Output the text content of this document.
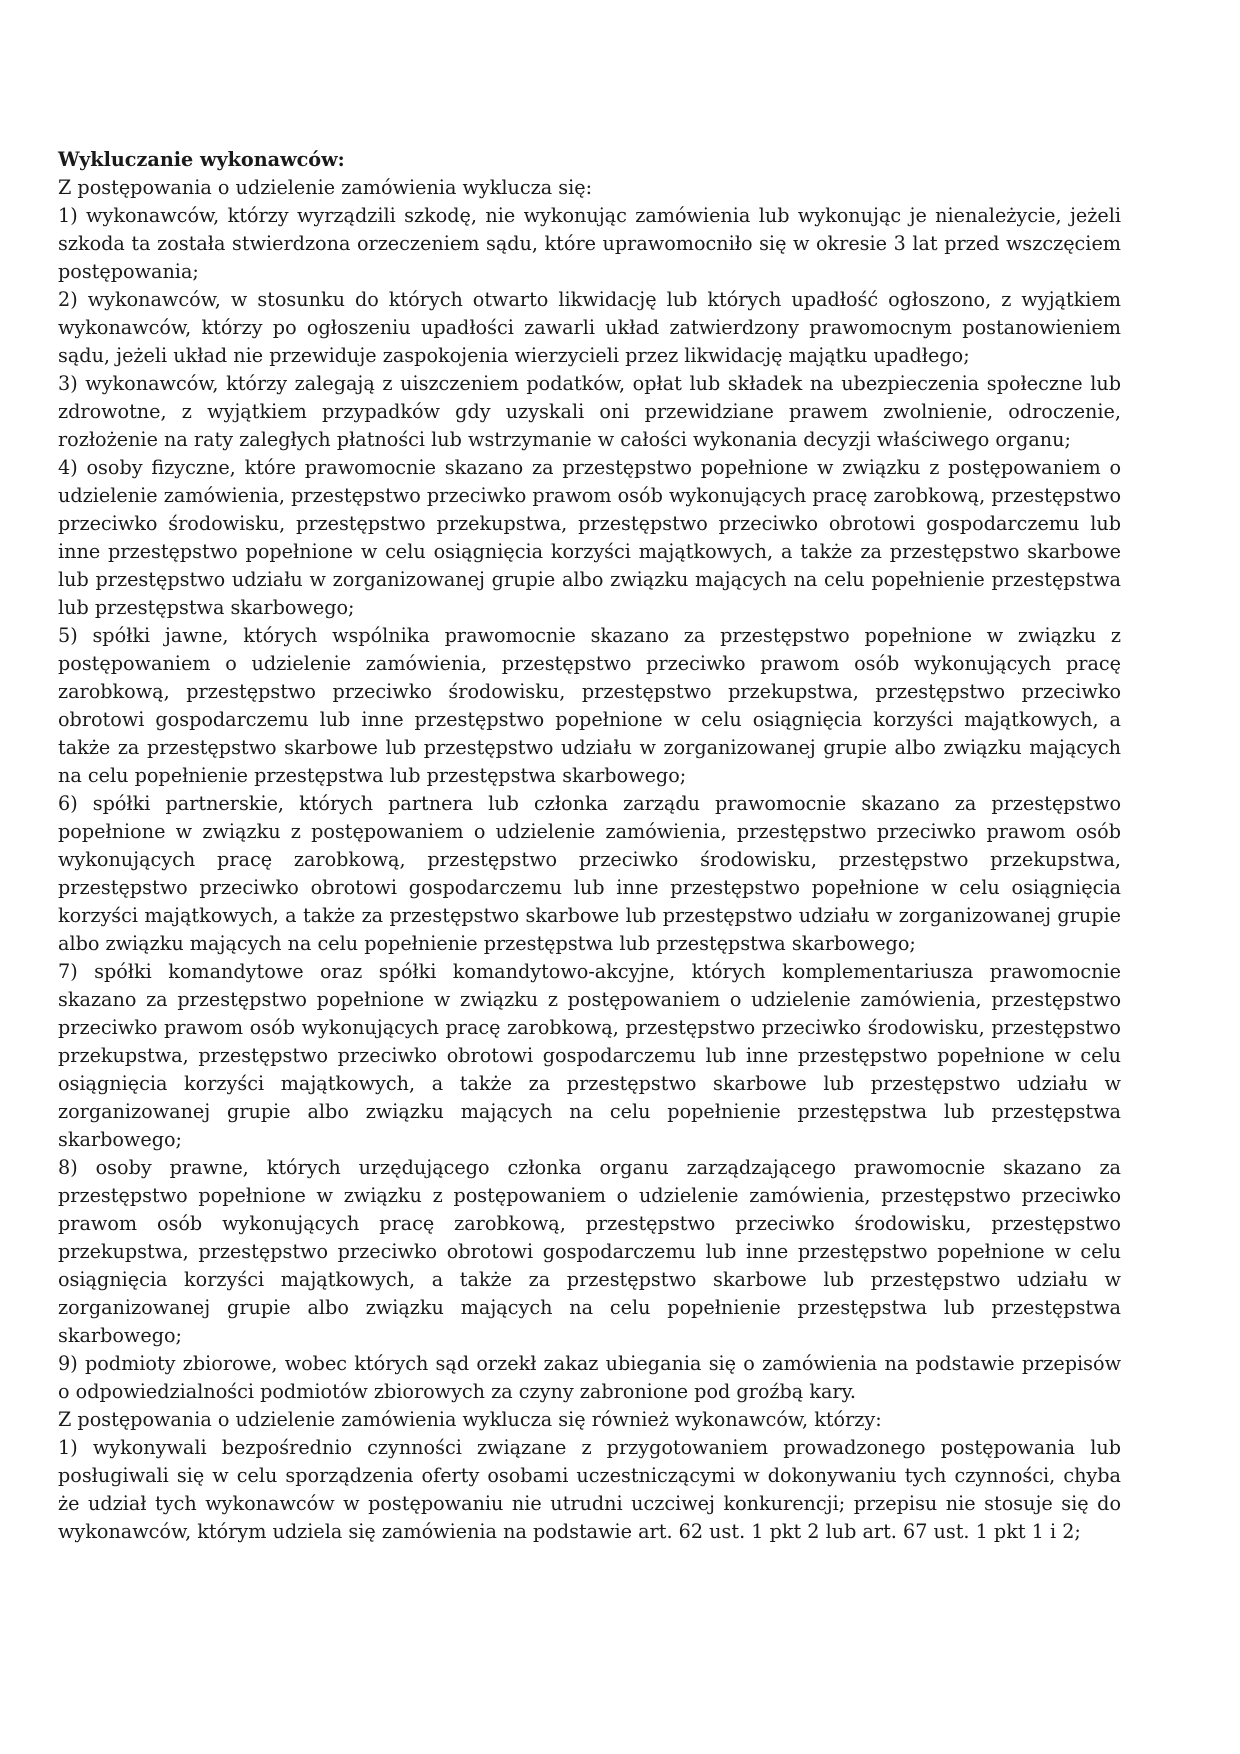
Wykluczanie wykonawców:

Z postępowania o udzielenie zamówienia wyklucza się:

1) wykonawców, którzy wyrządzili szkodę, nie wykonując zamówienia lub wykonując je nienależycie, jeżeli szkoda ta została stwierdzona orzeczeniem sądu, które uprawomocniło się w okresie 3 lat przed wszczęciem postępowania;

2) wykonawców, w stosunku do których otwarto likwidację lub których upadłość ogłoszono, z wyjątkiem wykonawców, którzy po ogłoszeniu upadłości zawarli układ zatwierdzony prawomocnym postanowieniem sądu, jeżeli układ nie przewiduje zaspokojenia wierzycieli przez likwidację majątku upadłego;

3) wykonawców, którzy zalegają z uiszczeniem podatków, opłat lub składek na ubezpieczenia społeczne lub zdrowotne, z wyjątkiem przypadków gdy uzyskali oni przewidziane prawem zwolnienie, odroczenie, rozłożenie na raty zaległych płatności lub wstrzymanie w całości wykonania decyzji właściwego organu;

4) osoby fizyczne, które prawomocnie skazano za przestępstwo popełnione w związku z postępowaniem o udzielenie zamówienia, przestępstwo przeciwko prawom osób wykonujących pracę zarobkową, przestępstwo przeciwko środowisku, przestępstwo przekupstwa, przestępstwo przeciwko obrotowi gospodarczemu lub inne przestępstwo popełnione w celu osiągnięcia korzyści majątkowych, a także za przestępstwo skarbowe lub przestępstwo udziału w zorganizowanej grupie albo związku mających na celu popełnienie przestępstwa lub przestępstwa skarbowego;

5) spółki jawne, których wspólnika prawomocnie skazano za przestępstwo popełnione w związku z postępowaniem o udzielenie zamówienia, przestępstwo przeciwko prawom osób wykonujących pracę zarobkową, przestępstwo przeciwko środowisku, przestępstwo przekupstwa, przestępstwo przeciwko obrotowi gospodarczemu lub inne przestępstwo popełnione w celu osiągnięcia korzyści majątkowych, a także za przestępstwo skarbowe lub przestępstwo udziału w zorganizowanej grupie albo związku mających na celu popełnienie przestępstwa lub przestępstwa skarbowego;

6) spółki partnerskie, których partnera lub członka zarządu prawomocnie skazano za przestępstwo popełnione w związku z postępowaniem o udzielenie zamówienia, przestępstwo przeciwko prawom osób wykonujących pracę zarobkową, przestępstwo przeciwko środowisku, przestępstwo przekupstwa, przestępstwo przeciwko obrotowi gospodarczemu lub inne przestępstwo popełnione w celu osiągnięcia korzyści majątkowych, a także za przestępstwo skarbowe lub przestępstwo udziału w zorganizowanej grupie albo związku mających na celu popełnienie przestępstwa lub przestępstwa skarbowego;

7) spółki komandytowe oraz spółki komandytowo-akcyjne, których komplementariusza prawomocnie skazano za przestępstwo popełnione w związku z postępowaniem o udzielenie zamówienia, przestępstwo przeciwko prawom osób wykonujących pracę zarobkową, przestępstwo przeciwko środowisku, przestępstwo przekupstwa, przestępstwo przeciwko obrotowi gospodarczemu lub inne przestępstwo popełnione w celu osiągnięcia korzyści majątkowych, a także za przestępstwo skarbowe lub przestępstwo udziału w zorganizowanej grupie albo związku mających na celu popełnienie przestępstwa lub przestępstwa skarbowego;

8) osoby prawne, których urzędującego członka organu zarządzającego prawomocnie skazano za przestępstwo popełnione w związku z postępowaniem o udzielenie zamówienia, przestępstwo przeciwko prawom osób wykonujących pracę zarobkową, przestępstwo przeciwko środowisku, przestępstwo przekupstwa, przestępstwo przeciwko obrotowi gospodarczemu lub inne przestępstwo popełnione w celu osiągnięcia korzyści majątkowych, a także za przestępstwo skarbowe lub przestępstwo udziału w zorganizowanej grupie albo związku mających na celu popełnienie przestępstwa lub przestępstwa skarbowego;

9) podmioty zbiorowe, wobec których sąd orzekł zakaz ubiegania się o zamówienia na podstawie przepisów o odpowiedzialności podmiotów zbiorowych za czyny zabronione pod groźbą kary.

Z postępowania o udzielenie zamówienia wyklucza się również wykonawców, którzy:

1) wykonywali bezpośrednio czynności związane z przygotowaniem prowadzonego postępowania lub posługiwali się w celu sporządzenia oferty osobami uczestniczącymi w dokonywaniu tych czynności, chyba że udział tych wykonawców w postępowaniu nie utrudni uczciwej konkurencji; przepisu nie stosuje się do wykonawców, którym udziela się zamówienia na podstawie art. 62 ust. 1 pkt 2 lub art. 67 ust. 1 pkt 1 i 2;
